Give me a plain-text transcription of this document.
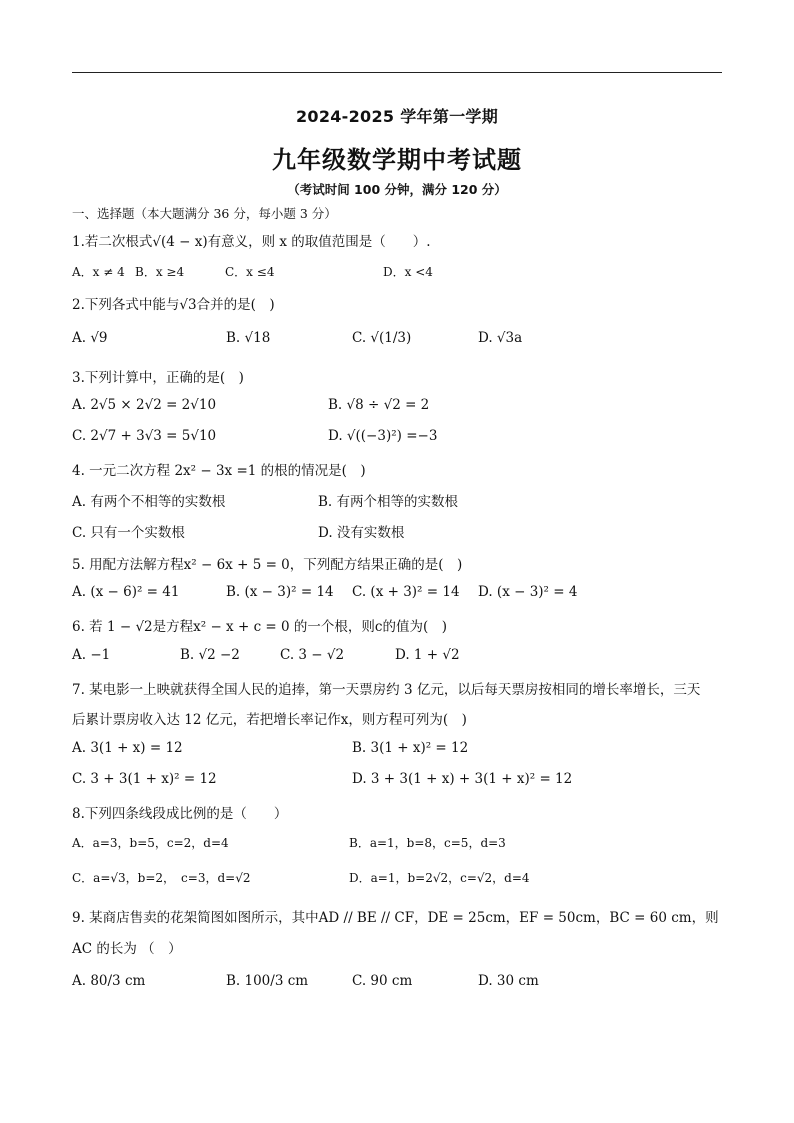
2024-2025 学年第一学期
九年级数学期中考试题
（考试时间 100 分钟，满分 120 分）
一、选择题（本大题满分 36 分，每小题 3 分）
1.若二次根式√(4 − x)有意义，则 x 的取值范围是（　　）.
A．x ≠ 4 B．x ≥4	C．x ≤4	D．x <4
2.下列各式中能与√3合并的是(　)
A. √9	B. √18	C. √(1/3)	D. √3a
3.下列计算中，正确的是(　)
A. 2√5 × 2√2 = 2√10	B. √8 ÷ √2 = 2
C. 2√7 + 3√3 = 5√10	D. √((−3)²) =−3
4. 一元二次方程 2x² − 3x =1 的根的情况是(　)
A. 有两个不相等的实数根	B. 有两个相等的实数根
C. 只有一个实数根	D. 没有实数根
5. 用配方法解方程x² − 6x + 5 = 0，下列配方结果正确的是(　)
A. (x − 6)² = 41	B. (x − 3)² = 14 C. (x + 3)² = 14 D. (x − 3)² = 4
6. 若 1 − √2是方程x² − x + c = 0 的一个根，则c的值为(　)
A. −1	B. √2 −2	C. 3 − √2	D. 1 + √2
7. 某电影一上映就获得全国人民的追捧，第一天票房约 3 亿元，以后每天票房按相同的增长率增长，三天
后累计票房收入达 12 亿元，若把增长率记作x，则方程可列为(　)
A. 3(1 + x) = 12	B. 3(1 + x)² = 12
C. 3 + 3(1 + x)² = 12	D. 3 + 3(1 + x) + 3(1 + x)² = 12
8.下列四条线段成比例的是（　　）
A．a=3，b=5，c=2，d=4	B．a=1，b=8，c=5，d=3
C．a=√3，b=2，　c=3，d=√2	D．a=1，b=2√2，c=√2，d=4
9. 某商店售卖的花架简图如图所示，其中AD // BE // CF，DE = 25cm，EF = 50cm，BC = 60 cm，则
AC 的长为 （　）
A. 80/3 cm	B. 100/3 cm	C. 90 cm	D. 30 cm
